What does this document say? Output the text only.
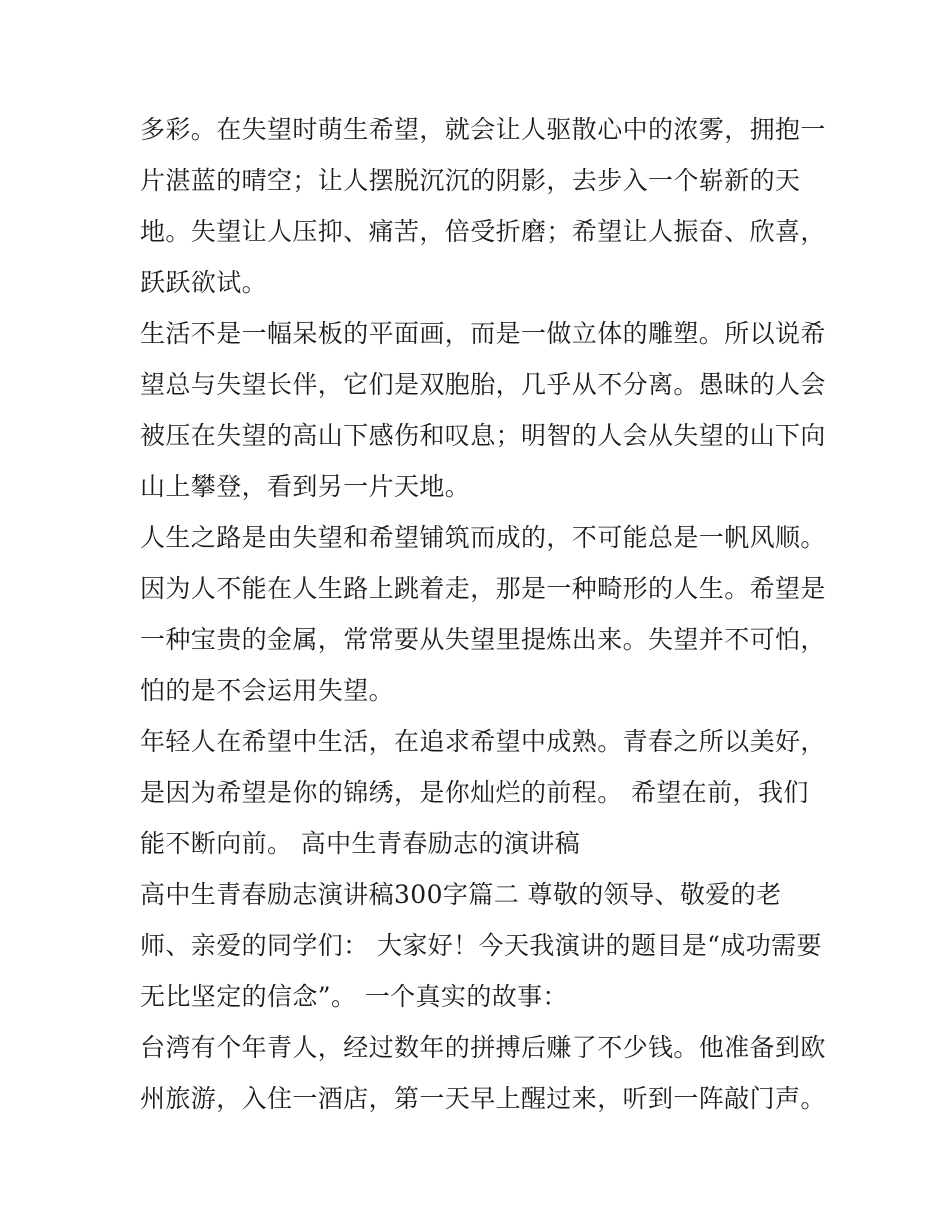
多彩。在失望时萌生希望，就会让人驱散心中的浓雾，拥抱一
片湛蓝的晴空；让人摆脱沉沉的阴影，去步入一个崭新的天
地。失望让人压抑、痛苦，倍受折磨；希望让人振奋、欣喜，
跃跃欲试。
生活不是一幅呆板的平面画，而是一做立体的雕塑。所以说希
望总与失望长伴，它们是双胞胎，几乎从不分离。愚昧的人会
被压在失望的高山下感伤和叹息；明智的人会从失望的山下向
山上攀登，看到另一片天地。
人生之路是由失望和希望铺筑而成的，不可能总是一帆风顺。
因为人不能在人生路上跳着走，那是一种畸形的人生。希望是
一种宝贵的金属，常常要从失望里提炼出来。失望并不可怕，
怕的是不会运用失望。
年轻人在希望中生活，在追求希望中成熟。青春之所以美好，
是因为希望是你的锦绣，是你灿烂的前程。 希望在前，我们
能不断向前。 高中生青春励志的演讲稿
高中生青春励志演讲稿300字篇二 尊敬的领导、敬爱的老
师、亲爱的同学们： 大家好！今天我演讲的题目是“成功需要
无比坚定的信念”。 一个真实的故事：
台湾有个年青人，经过数年的拼搏后赚了不少钱。他准备到欧
州旅游，入住一酒店，第一天早上醒过来，听到一阵敲门声。
